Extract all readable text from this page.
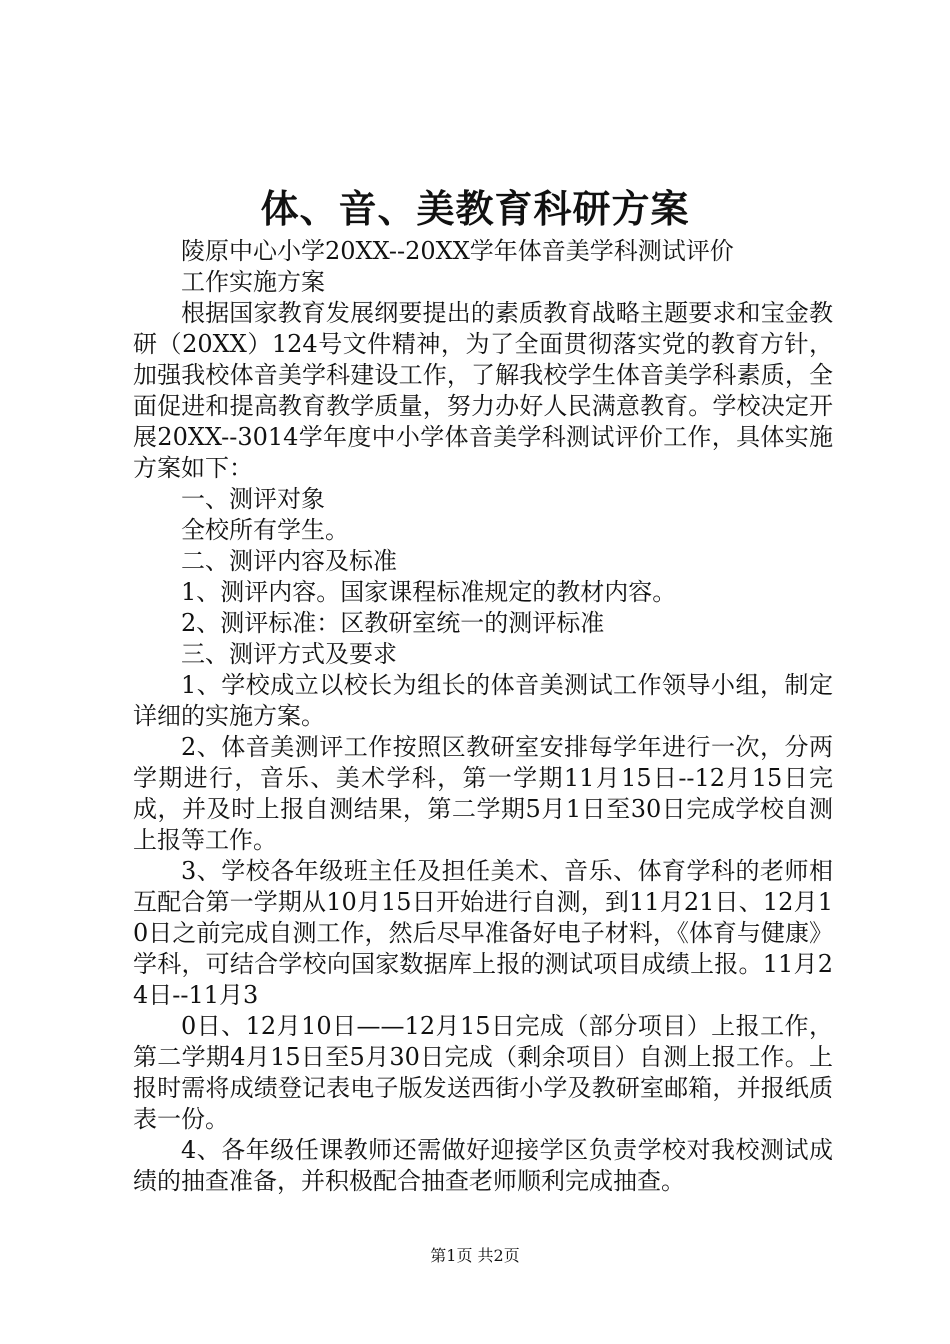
体、音、美教育科研方案

陵原中心小学20XX--20XX学年体音美学科测试评价

工作实施方案

根据国家教育发展纲要提出的素质教育战略主题要求和宝金教研（20XX）124号文件精神，为了全面贯彻落实党的教育方针，加强我校体音美学科建设工作，了解我校学生体音美学科素质，全面促进和提高教育教学质量，努力办好人民满意教育。学校决定开展20XX--3014学年度中小学体音美学科测试评价工作，具体实施方案如下：

一、测评对象

全校所有学生。

二、测评内容及标准

1、测评内容。国家课程标准规定的教材内容。

2、测评标准：区教研室统一的测评标准

三、测评方式及要求

1、学校成立以校长为组长的体音美测试工作领导小组，制定详细的实施方案。

2、体音美测评工作按照区教研室安排每学年进行一次，分两学期进行，音乐、美术学科，第一学期11月15日--12月15日完成，并及时上报自测结果，第二学期5月1日至30日完成学校自测上报等工作。

3、学校各年级班主任及担任美术、音乐、体育学科的老师相互配合第一学期从10月15日开始进行自测，到11月21日、12月10日之前完成自测工作，然后尽早准备好电子材料，《体育与健康》学科，可结合学校向国家数据库上报的测试项目成绩上报。11月24日--11月3

0日、12月10日——12月15日完成（部分项目）上报工作，第二学期4月15日至5月30日完成（剩余项目）自测上报工作。上报时需将成绩登记表电子版发送西街小学及教研室邮箱，并报纸质表一份。

4、各年级任课教师还需做好迎接学区负责学校对我校测试成绩的抽查准备，并积极配合抽查老师顺利完成抽查。

第1页 共2页
